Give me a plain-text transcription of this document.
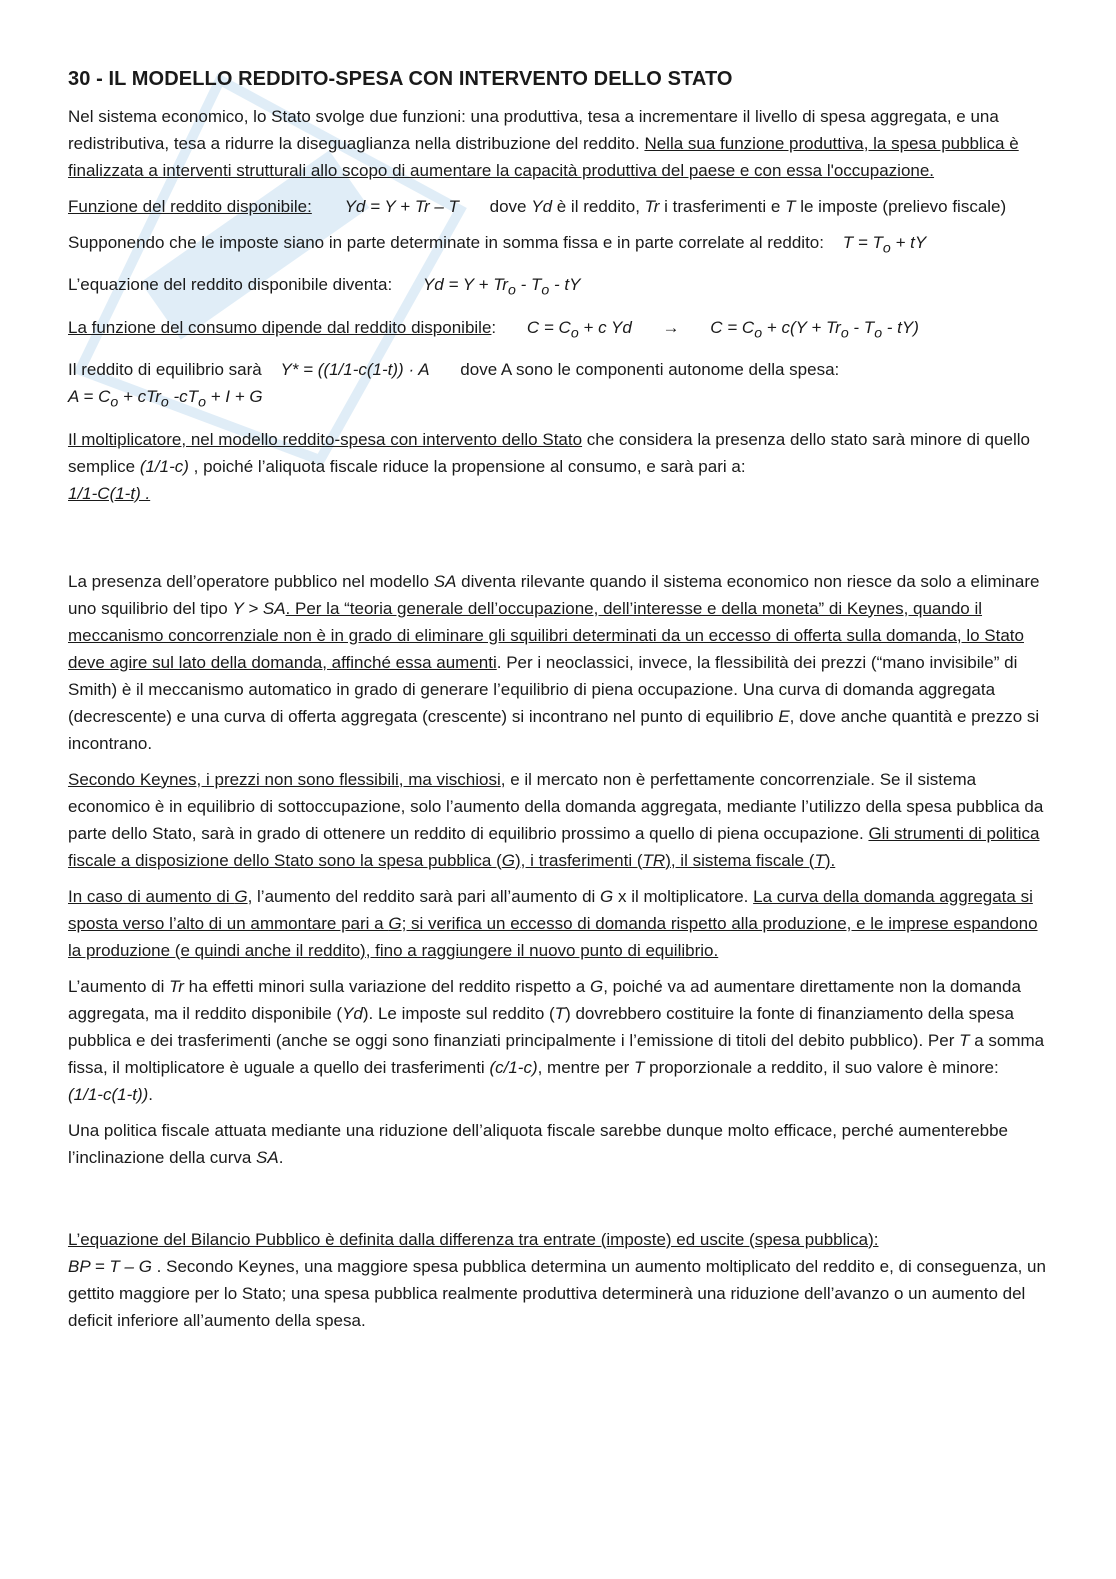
30 - IL MODELLO REDDITO-SPESA CON INTERVENTO DELLO STATO

Nel sistema economico, lo Stato svolge due funzioni: una produttiva, tesa a incrementare il livello di spesa aggregata, e una redistributiva, tesa a ridurre la diseguaglianza nella distribuzione del reddito. Nella sua funzione produttiva, la spesa pubblica è finalizzata a interventi strutturali allo scopo di aumentare la capacità produttiva del paese e con essa l'occupazione.

Funzione del reddito disponibile: Yd = Y + Tr – T dove Yd è il reddito, Tr i trasferimenti e T le imposte (prelievo fiscale)

Supponendo che le imposte siano in parte determinate in somma fissa e in parte correlate al reddito: $T = T_o$ + tY

L’equazione del reddito disponibile diventa: $Yd = Y + Tr_o - T_o$ - tY

La funzione del consumo dipende dal reddito disponibile: $C = C_o + c$ $Yd \to C = C_o + c(Y + Tr_o - T_o - tY)$

Il reddito di equilibrio sarà Y* = ((1/1-c(1-t)) · A dove A sono le componenti autonome della spesa:
$A = C_o + cTr_o$ $-cT_o + I + G$

Il moltiplicatore, nel modello reddito-spesa con intervento dello Stato che considera la presenza dello stato sarà minore di quello semplice (1/1-c) , poiché l’aliquota fiscale riduce la propensione al consumo, e sarà pari a:
1/1-C(1-t) .

La presenza dell’operatore pubblico nel modello SA diventa rilevante quando il sistema economico non riesce da solo a eliminare uno squilibrio del tipo Y > SA. Per la “teoria generale dell’occupazione, dell’interesse e della moneta” di Keynes, quando il meccanismo concorrenziale non è in grado di eliminare gli squilibri determinati da un eccesso di offerta sulla domanda, lo Stato deve agire sul lato della domanda, affinché essa aumenti. Per i neoclassici, invece, la flessibilità dei prezzi (“mano invisibile” di Smith) è il meccanismo automatico in grado di generare l’equilibrio di piena occupazione. Una curva di domanda aggregata (decrescente) e una curva di offerta aggregata (crescente) si incontrano nel punto di equilibrio E, dove anche quantità e prezzo si incontrano.

Secondo Keynes, i prezzi non sono flessibili, ma vischiosi, e il mercato non è perfettamente concorrenziale. Se il sistema economico è in equilibrio di sottoccupazione, solo l’aumento della domanda aggregata, mediante l’utilizzo della spesa pubblica da parte dello Stato, sarà in grado di ottenere un reddito di equilibrio prossimo a quello di piena occupazione. Gli strumenti di politica fiscale a disposizione dello Stato sono la spesa pubblica (G), i trasferimenti (TR), il sistema fiscale (T).

In caso di aumento di G, l’aumento del reddito sarà pari all’aumento di G x il moltiplicatore. La curva della domanda aggregata si sposta verso l’alto di un ammontare pari a G; si verifica un eccesso di domanda rispetto alla produzione, e le imprese espandono la produzione (e quindi anche il reddito), fino a raggiungere il nuovo punto di equilibrio.

L’aumento di Tr ha effetti minori sulla variazione del reddito rispetto a G, poiché va ad aumentare direttamente non la domanda aggregata, ma il reddito disponibile (Yd). Le imposte sul reddito (T) dovrebbero costituire la fonte di finanziamento della spesa pubblica e dei trasferimenti (anche se oggi sono finanziati principalmente i l’emissione di titoli del debito pubblico). Per T a somma fissa, il moltiplicatore è uguale a quello dei trasferimenti (c/1-c), mentre per T proporzionale a reddito, il suo valore è minore:(1/1-c(1-t)).

Una politica fiscale attuata mediante una riduzione dell’aliquota fiscale sarebbe dunque molto efficace, perché aumenterebbe l’inclinazione della curva SA.

L’equazione del Bilancio Pubblico è definita dalla differenza tra entrate (imposte) ed uscite (spesa pubblica):
BP = T – G . Secondo Keynes, una maggiore spesa pubblica determina un aumento moltiplicato del reddito e, di conseguenza, un gettito maggiore per lo Stato; una spesa pubblica realmente produttiva determinerà una riduzione dell’avanzo o un aumento del deficit inferiore all’aumento della spesa.
